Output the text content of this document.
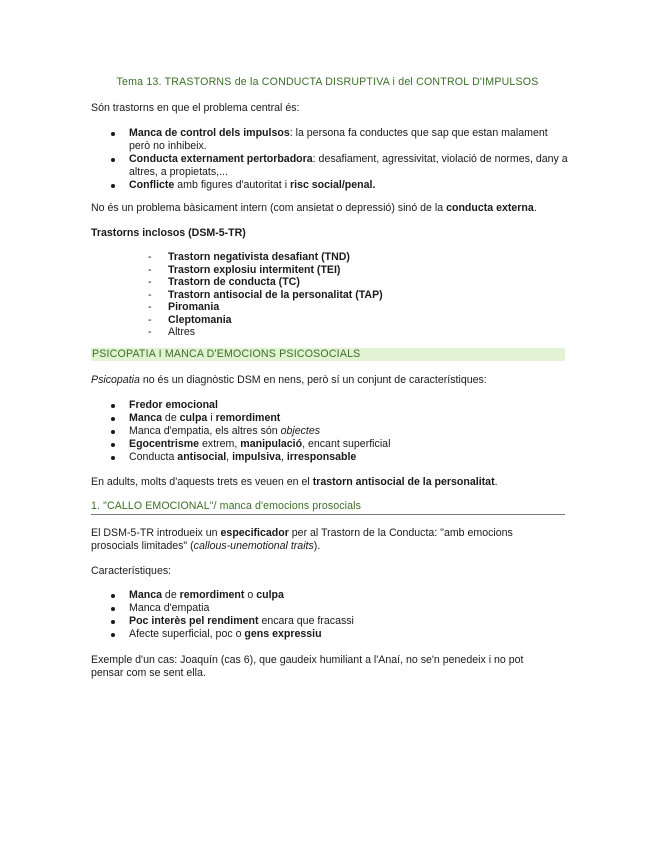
Tema 13. TRASTORNS de la CONDUCTA DISRUPTIVA i del CONTROL D'IMPULSOS

Són trastorns en que el problema central és:

Manca de control dels impulsos: la persona fa conductes que sap que estan malament però no inhibeix.
Conducta externament pertorbadora: desafiament, agressivitat, violació de normes, dany a altres, a propietats,...
Conflicte amb figures d'autoritat i risc social/penal.

No és un problema bàsicament intern (com ansietat o depressió) sinó de la conducta externa.

Trastorns inclosos (DSM-5-TR)

- Trastorn negativista desafiant (TND)
- Trastorn explosiu intermitent (TEI)
- Trastorn de conducta (TC)
- Trastorn antisocial de la personalitat (TAP)
- Piromania
- Cleptomania
- Altres
PSICOPATIA I MANCA D'EMOCIONS PSICOSOCIALS

Psicopatia no és un diagnòstic DSM en nens, però sí un conjunt de característiques:

Fredor emocional
Manca de culpa i remordiment
Manca d'empatia, els altres són objectes
Egocentrisme extrem, manipulació, encant superficial
Conducta antisocial, impulsiva, irresponsable

En adults, molts d'aquests trets es veuen en el trastorn antisocial de la personalitat.

1. "CALLO EMOCIONAL"/ manca d'emocions prosocials

El DSM-5-TR introdueix un especificador per al Trastorn de la Conducta: "amb emocions prosocials limitades" (callous-unemotional traits).

Característiques:

Manca de remordiment o culpa
Manca d'empatia
Poc interès pel rendiment encara que fracassi
Afecte superficial, poc o gens expressiu

Exemple d'un cas: Joaquín (cas 6), que gaudeix humiliant a l'Anaí, no se'n penedeix i no pot pensar com se sent ella.
